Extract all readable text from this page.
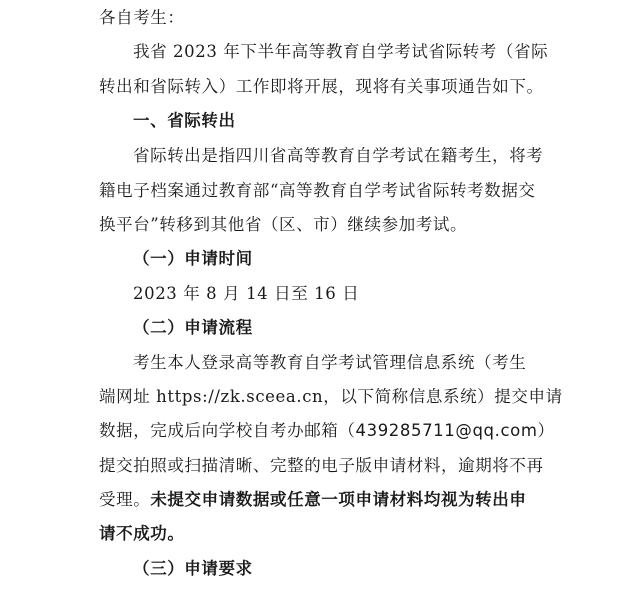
各自考生：
我省 2023 年下半年高等教育自学考试省际转考（省际
转出和省际转入）工作即将开展，现将有关事项通告如下。
一、省际转出
省际转出是指四川省高等教育自学考试在籍考生，将考
籍电子档案通过教育部“高等教育自学考试省际转考数据交
换平台”转移到其他省（区、市）继续参加考试。
（一）申请时间
2023 年 8 月 14 日至 16 日
（二）申请流程
考生本人登录高等教育自学考试管理信息系统（考生
端网址 https://zk.sceea.cn，以下简称信息系统）提交申请
数据，完成后向学校自考办邮箱（439285711@qq.com）
提交拍照或扫描清晰、完整的电子版申请材料，逾期将不再
受理。未提交申请数据或任意一项申请材料均视为转出申
请不成功。
（三）申请要求
